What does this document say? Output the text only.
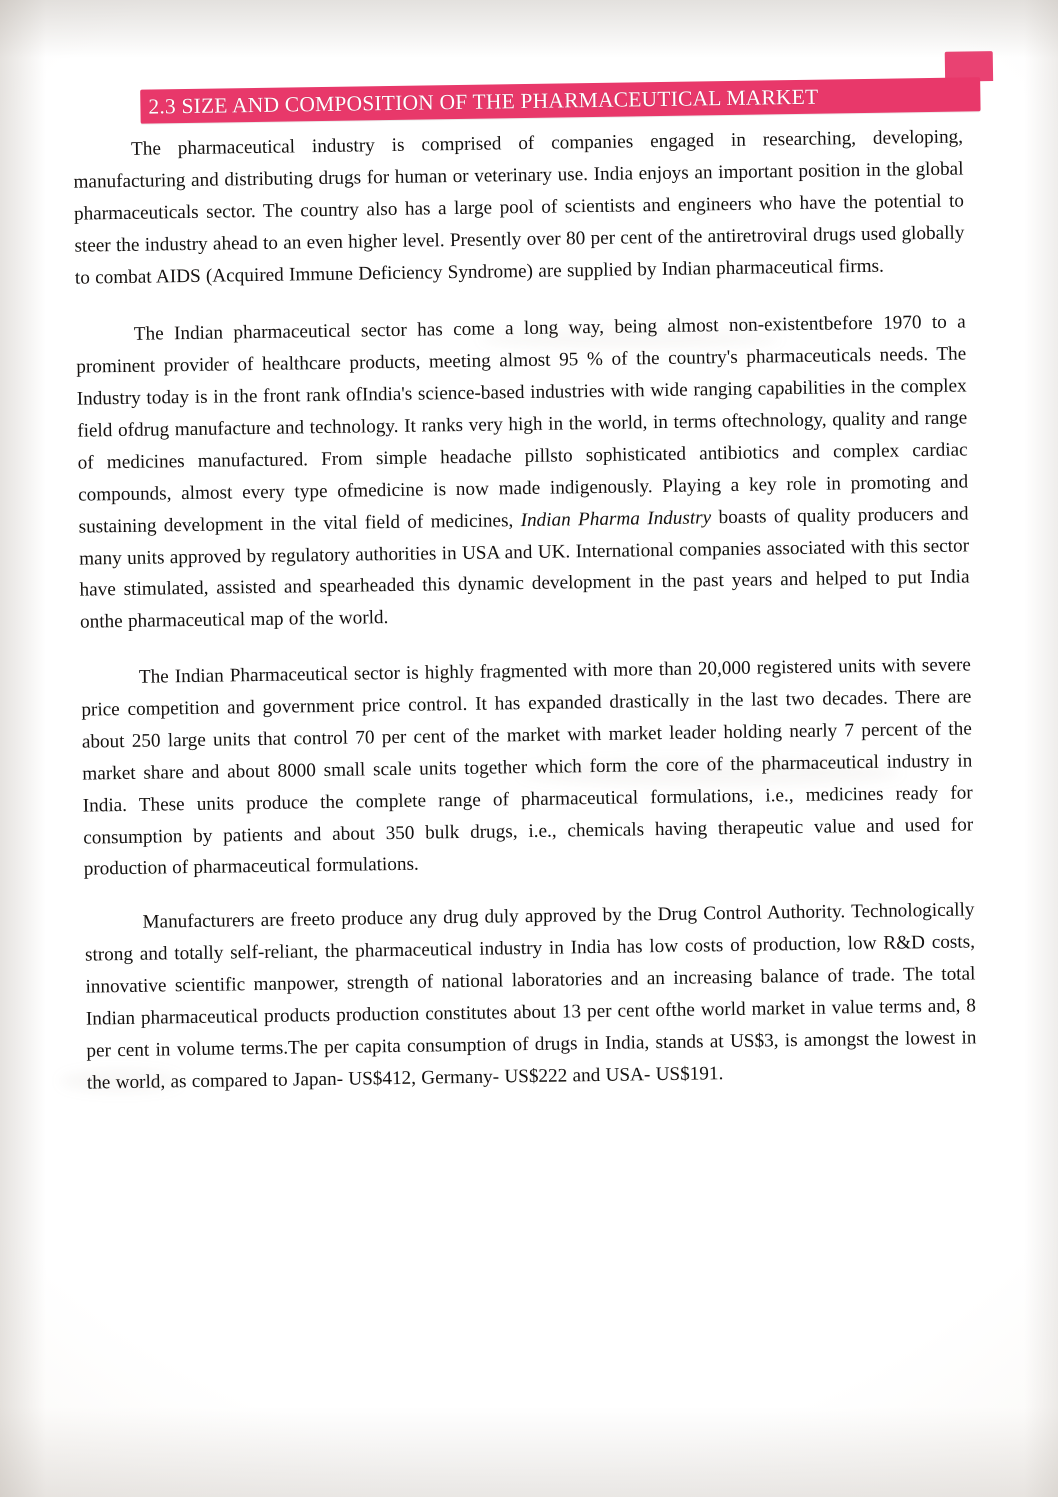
2.3 SIZE AND COMPOSITION OF THE PHARMACEUTICAL MARKET

The pharmaceutical industry is comprised of companies engaged in researching, developing, manufacturing and distributing drugs for human or veterinary use. India enjoys an important position in the global pharmaceuticals sector. The country also has a large pool of scientists and engineers who have the potential to steer the industry ahead to an even higher level. Presently over 80 per cent of the antiretroviral drugs used globally to combat AIDS (Acquired Immune Deficiency Syndrome) are supplied by Indian pharmaceutical firms.

The Indian pharmaceutical sector has come a long way, being almost non-existentbefore 1970 to a prominent provider of healthcare products, meeting almost 95 % of the country's pharmaceuticals needs. The Industry today is in the front rank ofIndia's science-based industries with wide ranging capabilities in the complex field ofdrug manufacture and technology. It ranks very high in the world, in terms oftechnology, quality and range of medicines manufactured. From simple headache pillsto sophisticated antibiotics and complex cardiac compounds, almost every type ofmedicine is now made indigenously. Playing a key role in promoting and sustaining development in the vital field of medicines, Indian Pharma Industry boasts of quality producers and many units approved by regulatory authorities in USA and UK. International companies associated with this sector have stimulated, assisted and spearheaded this dynamic development in the past years and helped to put India onthe pharmaceutical map of the world.

The Indian Pharmaceutical sector is highly fragmented with more than 20,000 registered units with severe price competition and government price control. It has expanded drastically in the last two decades. There are about 250 large units that control 70 per cent of the market with market leader holding nearly 7 percent of the market share and about 8000 small scale units together which form the core of the pharmaceutical industry in India. These units produce the complete range of pharmaceutical formulations, i.e., medicines ready for consumption by patients and about 350 bulk drugs, i.e., chemicals having therapeutic value and used for production of pharmaceutical formulations.

Manufacturers are freeto produce any drug duly approved by the Drug Control Authority. Technologically strong and totally self-reliant, the pharmaceutical industry in India has low costs of production, low R&D costs, innovative scientific manpower, strength of national laboratories and an increasing balance of trade. The total Indian pharmaceutical products production constitutes about 13 per cent ofthe world market in value terms and, 8 per cent in volume terms.The per capita consumption of drugs in India, stands at US$3, is amongst the lowest in the world, as compared to Japan- US$412, Germany- US$222 and USA- US$191.
